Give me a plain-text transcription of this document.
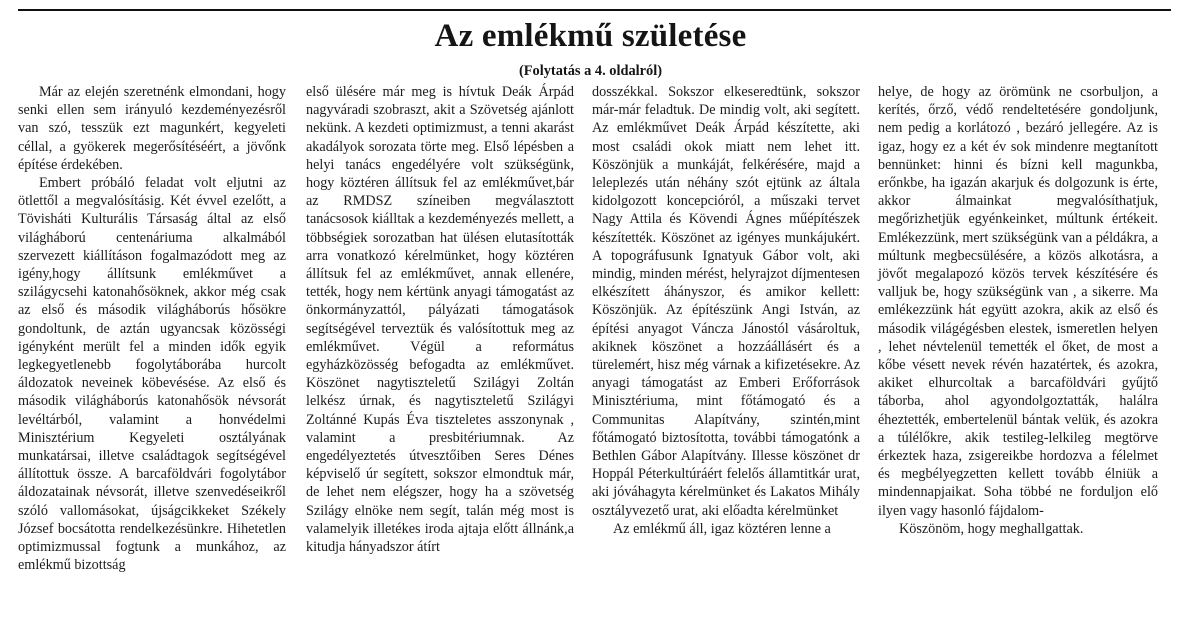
Az emlékmű születése
(Folytatás a 4. oldalról)

Már az elején szeretnénk elmondani, hogy senki ellen sem irányuló kezdeményezésről van szó, tesszük ezt magunkért, kegyeleti céllal, a gyökerek megerősítéséért, a jövőnk építése érdekében.

Embert próbáló feladat volt eljutni az ötlettől a megvalósításig. Két évvel ezelőtt, a Tövisháti Kulturális Társaság által az első világháború centenáriuma alkalmából szervezett kiállításon fogalmazódott meg az igény,hogy állítsunk emlékművet a szilágycsehi katonahősöknek, akkor még csak az első és második világháborús hősökre gondoltunk, de aztán ugyancsak közösségi igényként merült fel a minden idők egyik legkegyetlenebb fogolytáborába hurcolt áldozatok neveinek köbevésése. Az első és második világháborús katonahősök névsorát levéltárból, valamint a honvédelmi Minisztérium Kegyeleti osztályának munkatársai, illetve családtagok segítségével állítottuk össze. A barcaföldvári fogolytábor áldozatainak névsorát, illetve szenvedéseikről szóló vallomásokat, újságcikkeket Székely József bocsátotta rendelkezésünkre. Hihetetlen optimizmussal fogtunk a munkához, az emlékmű bizottság

első ülésére már meg is hívtuk Deák Árpád nagyváradi szobraszt, akit a Szövetség ajánlott nekünk. A kezdeti optimizmust, a tenni akarást akadályok sorozata törte meg. Első lépésben a helyi tanács engedélyére volt szükségünk, hogy köztéren állítsuk fel az emlékművet,bár az RMDSZ színeiben megválasztott tanácsosok kiálltak a kezdeményezés mellett, a többségiek sorozatban hat ülésen elutasították arra vonatkozó kérelmünket, hogy köztéren állítsuk fel az emlékművet, annak ellenére, tették, hogy nem kértünk anyagi támogatást az önkormányzattól, pályázati támogatások segítségével terveztük és valósítottuk meg az emlékművet. Végül a református egyházközösség befogadta az emlékművet. Köszönet nagytiszteletű Szilágyi Zoltán lelkész úrnak, és nagytiszteletű Szilágyi Zoltánné Kupás Éva tiszteletes asszonynak , valamint a presbitériumnak. Az engedélyeztetés útvesztőiben Seres Dénes képviselő úr segített, sokszor elmondtuk már, de lehet nem elégszer, hogy ha a szövetség Szilágy elnöke nem segít, talán még most is valamelyik illetékes iroda ajtaja előtt állnánk,a kitudja hányadszor átírt

dosszékkal. Sokszor elkeseredtünk, sokszor már-már feladtuk. De mindig volt, aki segített. Az emlékművet Deák Árpád készítette, aki most családi okok miatt nem lehet itt. Köszönjük a munkáját, felkérésére, majd a leleplezés után néhány szót ejtünk az általa kidolgozott koncepcióról, a műszaki tervet Nagy Attila és Kövendi Ágnes műépítészek készítették. Köszönet az igényes munkájukért. A topográfusunk Ignatyuk Gábor volt, aki mindig, minden mérést, helyrajzot díjmentesen elkészített áhányszor, és amikor kellett: Köszönjük. Az építészünk Angi István, az építési anyagot Váncza Jánostól vásároltuk, akiknek köszönet a hozzáállásért és a türelemért, hisz még várnak a kifizetésekre. Az anyagi támogatást az Emberi Erőforrások Minisztériuma, mint főtámogató és a Communitas Alapítvány, szintén,mint főtámogató biztosította, további támogatónk a Bethlen Gábor Alapítvány. Illesse köszönet dr Hoppál Péterkultúráért felelős államtitkár urat, aki jóváhagyta kérelmünket és Lakatos Mihály osztályvezető urat, aki előadta kérelmünket

Az emlékmű áll, igaz köztéren lenne a

helye, de hogy az örömünk ne csorbuljon, a kerítés, őrző, védő rendeltetésére gondoljunk, nem pedig a korlátozó , bezáró jellegére. Az is igaz, hogy ez a két év sok mindenre megtanított bennünket: hinni és bízni kell magunkba, erőnkbe, ha igazán akarjuk és dolgozunk is érte, akkor álmainkat megvalósíthatjuk, megőrizhetjük egyénkeinket, múltunk értékeit. Emlékezzünk, mert szükségünk van a példákra, a múltunk megbecsülésére, a közös alkotásra, a jövőt megalapozó közös tervek készítésére és valljuk be, hogy szükségünk van , a sikerre. Ma emlékezzünk hát együtt azokra, akik az első és második világégésben elestek, ismeretlen helyen , lehet névtelenül temették el őket, de most a kőbe vésett nevek révén hazatértek, és azokra, akiket elhurcoltak a barcaföldvári gyűjtő táborba, ahol agyondolgoztatták, halálra éheztették, embertelenül bántak velük, és azokra a túlélőkre, akik testileg-lelkileg megtörve érkeztek haza, zsigereikbe hordozva a félelmet és megbélyegzetten kellett tovább élniük a mindennapjaikat. Soha többé ne forduljon elő ilyen vagy hasonló fájdalom-

Köszönöm, hogy meghallgattak.
